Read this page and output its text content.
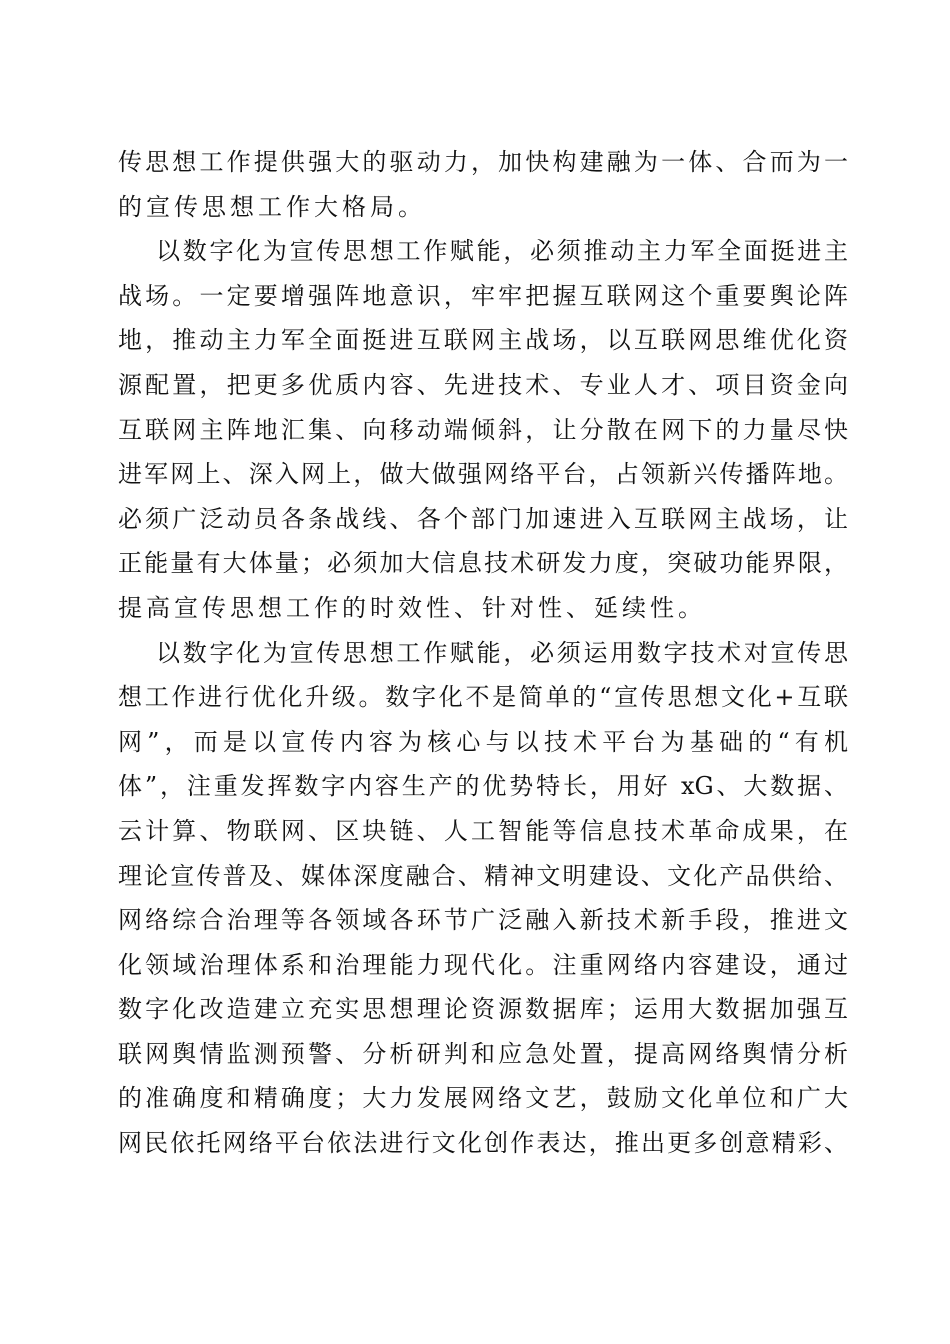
传思想工作提供强大的驱动力，加快构建融为一体、合而为一
的宣传思想工作大格局。
以数字化为宣传思想工作赋能，必须推动主力军全面挺进主
战场。一定要增强阵地意识，牢牢把握互联网这个重要舆论阵
地，推动主力军全面挺进互联网主战场，以互联网思维优化资
源配置，把更多优质内容、先进技术、专业人才、项目资金向
互联网主阵地汇集、向移动端倾斜，让分散在网下的力量尽快
进军网上、深入网上，做大做强网络平台，占领新兴传播阵地。
必须广泛动员各条战线、各个部门加速进入互联网主战场，让
正能量有大体量；必须加大信息技术研发力度，突破功能界限，
提高宣传思想工作的时效性、针对性、延续性。
以数字化为宣传思想工作赋能，必须运用数字技术对宣传思
想工作进行优化升级。数字化不是简单的“宣传思想文化+互联
网”，而是以宣传内容为核心与以技术平台为基础的“有机
体”，注重发挥数字内容生产的优势特长，用好 xG、大数据、
云计算、物联网、区块链、人工智能等信息技术革命成果，在
理论宣传普及、媒体深度融合、精神文明建设、文化产品供给、
网络综合治理等各领域各环节广泛融入新技术新手段，推进文
化领域治理体系和治理能力现代化。注重网络内容建设，通过
数字化改造建立充实思想理论资源数据库；运用大数据加强互
联网舆情监测预警、分析研判和应急处置，提高网络舆情分析
的准确度和精确度；大力发展网络文艺，鼓励文化单位和广大
网民依托网络平台依法进行文化创作表达，推出更多创意精彩、
